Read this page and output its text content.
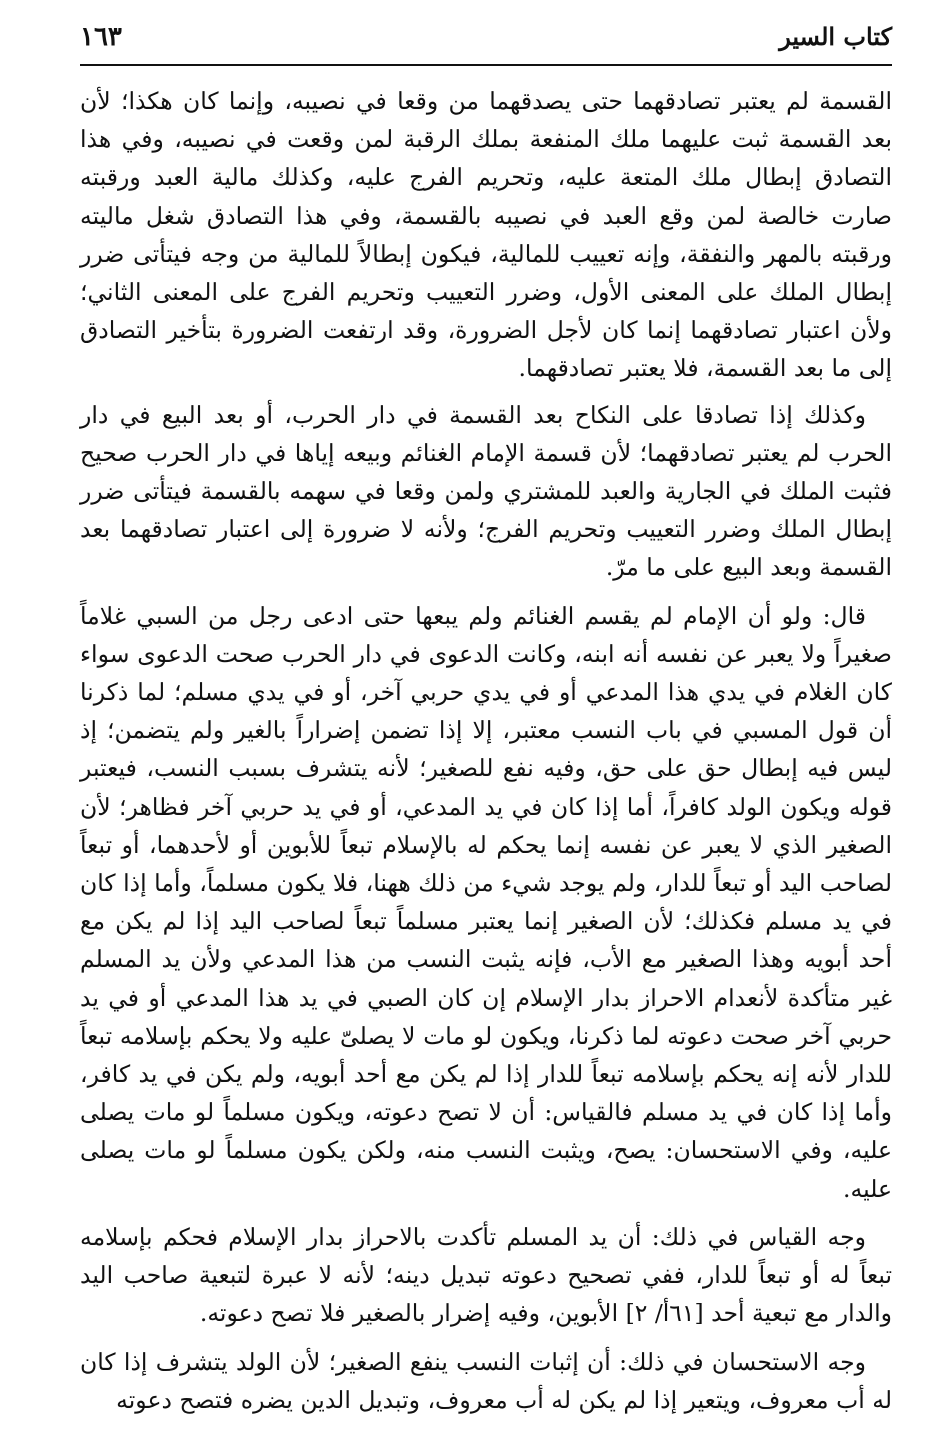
كتاب السير
١٦٣

القسمة لم يعتبر تصادقهما حتى يصدقهما من وقعا في نصيبه، وإنما كان هكذا؛ لأن بعد القسمة ثبت عليهما ملك المنفعة بملك الرقبة لمن وقعت في نصيبه، وفي هذا التصادق إبطال ملك المتعة عليه، وتحريم الفرج عليه، وكذلك مالية العبد ورقبته صارت خالصة لمن وقع العبد في نصيبه بالقسمة، وفي هذا التصادق شغل ماليته ورقبته بالمهر والنفقة، وإنه تعييب للمالية، فيكون إبطالاً للمالية من وجه فيتأتى ضرر إبطال الملك على المعنى الأول، وضرر التعييب وتحريم الفرج على المعنى الثاني؛ ولأن اعتبار تصادقهما إنما كان لأجل الضرورة، وقد ارتفعت الضرورة بتأخير التصادق إلى ما بعد القسمة، فلا يعتبر تصادقهما.

وكذلك إذا تصادقا على النكاح بعد القسمة في دار الحرب، أو بعد البيع في دار الحرب لم يعتبر تصادقهما؛ لأن قسمة الإمام الغنائم وبيعه إياها في دار الحرب صحيح فثبت الملك في الجارية والعبد للمشتري ولمن وقعا في سهمه بالقسمة فيتأتى ضرر إبطال الملك وضرر التعييب وتحريم الفرج؛ ولأنه لا ضرورة إلى اعتبار تصادقهما بعد القسمة وبعد البيع على ما مرّ.

قال: ولو أن الإمام لم يقسم الغنائم ولم يبعها حتى ادعى رجل من السبي غلاماً صغيراً ولا يعبر عن نفسه أنه ابنه، وكانت الدعوى في دار الحرب صحت الدعوى سواء كان الغلام في يدي هذا المدعي أو في يدي حربي آخر، أو في يدي مسلم؛ لما ذكرنا أن قول المسبي في باب النسب معتبر، إلا إذا تضمن إضراراً بالغير ولم يتضمن؛ إذ ليس فيه إبطال حق على حق، وفيه نفع للصغير؛ لأنه يتشرف بسبب النسب، فيعتبر قوله ويكون الولد كافراً، أما إذا كان في يد المدعي، أو في يد حربي آخر فظاهر؛ لأن الصغير الذي لا يعبر عن نفسه إنما يحكم له بالإسلام تبعاً للأبوين أو لأحدهما، أو تبعاً لصاحب اليد أو تبعاً للدار، ولم يوجد شيء من ذلك ههنا، فلا يكون مسلماً، وأما إذا كان في يد مسلم فكذلك؛ لأن الصغير إنما يعتبر مسلماً تبعاً لصاحب اليد إذا لم يكن مع أحد أبويه وهذا الصغير مع الأب، فإنه يثبت النسب من هذا المدعي ولأن يد المسلم غير متأكدة لأنعدام الاحراز بدار الإسلام إن كان الصبي في يد هذا المدعي أو في يد حربي آخر صحت دعوته لما ذكرنا، ويكون لو مات لا يصلىّ عليه ولا يحكم بإسلامه تبعاً للدار لأنه إنه يحكم بإسلامه تبعاً للدار إذا لم يكن مع أحد أبويه، ولم يكن في يد كافر، وأما إذا كان في يد مسلم فالقياس: أن لا تصح دعوته، ويكون مسلماً لو مات يصلى عليه، وفي الاستحسان: يصح، ويثبت النسب منه، ولكن يكون مسلماً لو مات يصلى عليه.

وجه القياس في ذلك: أن يد المسلم تأكدت بالاحراز بدار الإسلام فحكم بإسلامه تبعاً له أو تبعاً للدار، ففي تصحيح دعوته تبديل دينه؛ لأنه لا عبرة لتبعية صاحب اليد والدار مع تبعية أحد [٦١أ/ ٢] الأبوين، وفيه إضرار بالصغير فلا تصح دعوته.

وجه الاستحسان في ذلك: أن إثبات النسب ينفع الصغير؛ لأن الولد يتشرف إذا كان له أب معروف، ويتعير إذا لم يكن له أب معروف، وتبديل الدين يضره فتصح دعوته
